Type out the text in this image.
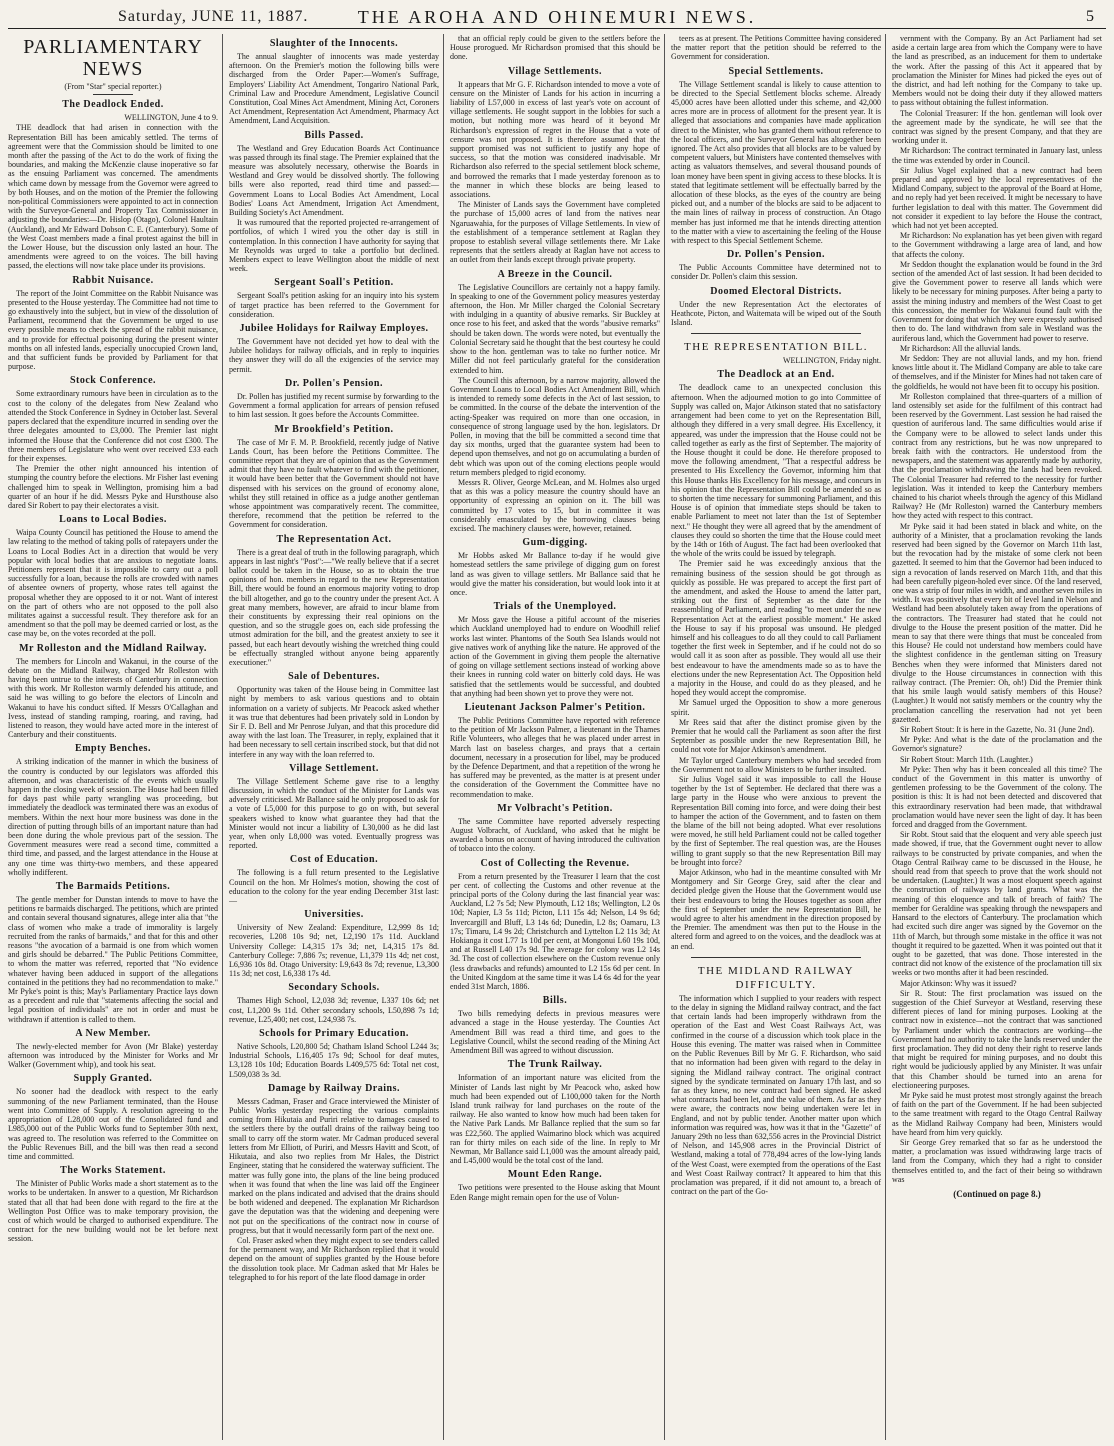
Saturday, JUNE 11, 1887.	THE AROHA AND OHINEMURI NEWS.	5
PARLIAMENTARY NEWS

(From "Star" special reporter.)

The Deadlock Ended.

WELLINGTON, June 4 to 9.

THE deadlock that had arisen in connection with the Representation Bill has been amicably settled. The terms of agreement were that the Commission should be limited to one month after the passing of the Act to do the work of fixing the boundaries, and making the McKenzie clause inoperative so far as the ensuing Parliament was concerned. The amendments which came down by message from the Governor were agreed to by both Houses, and on the motion of the Premier the following non-political Commissioners were appointed to act in connection with the Surveyor-General and Property Tax Commissioner in adjusting the boundaries:—Dr. Hislop (Otago), Colonel Haultain (Auckland), and Mr Edward Dobson C. E. (Canterbury). Some of the West Coast members made a final protest against the bill in the Lower House, but the discussion only lasted an hour. The amendments were agreed to on the voices. The bill having passed, the elections will now take place under its provisions.

Rabbit Nuisance.

The report of the Joint Committee on the Rabbit Nuisance was presented to the House yesterday. The Committee had not time to go exhaustively into the subject, but in view of the dissolution of Parliament, recommend that the Government be urged to use every possible means to check the spread of the rabbit nuisance, and to provide for effectual poisoning during the present winter months on all infested lands, especially unoccupied Crown land, and that sufficient funds be provided by Parliament for that purpose.

Stock Conference.

Some extraordinary rumours have been in circulation as to the cost to the colony of the delegates from New Zealand who attended the Stock Conference in Sydney in October last. Several papers declared that the expenditure incurred in sending over the three delegates amounted to £3,000. The Premier last night informed the House that the Conference did not cost £300. The three members of Legislature who went over received £33 each for their expenses.

The Premier the other night announced his intention of stumping the country before the elections. Mr Fisher last evening challenged him to speak in Wellington, promising him a bad quarter of an hour if he did. Messrs Pyke and Hursthouse also dared Sir Robert to pay their electorates a visit.

Loans to Local Bodies.

Waipa County Council has petitioned the House to amend the law relating to the method of taking polls of ratepayers under the Loans to Local Bodies Act in a direction that would be very popular with local bodies that are anxious to negotiate loans. Petitioners represent that it is impossible to carry out a poll successfully for a loan, because the rolls are crowded with names of absentee owners of property, whose rates tell against the proposal whether they are opposed to it or not. Want of interest on the part of others who are not opposed to the poll also militates against a successful result. They therefore ask for an amendment so that the poll may be deemed carried or lost, as the case may be, on the votes recorded at the poll.

Mr Rolleston and the Midland Railway.

The members for Lincoln and Wakanui, in the course of the debate on the Midland Railway, charged Mr Rolleston with having been untrue to the interests of Canterbury in connection with this work. Mr Rolleston warmly defended his attitude, and said he was willing to go before the electors of Lincoln and Wakanui to have his conduct sifted. If Messrs O'Callaghan and Ivess, instead of standing ramping, roaring, and raving, had listened to reason, they would have acted more in the interest of Canterbury and their constituents.

Empty Benches.

A striking indication of the manner in which the business of the country is conducted by our legislators was afforded this afternoon, and was characteristic of the events which usually happen in the closing week of session. The House had been filled for days past while party wrangling was proceeding, but immediately the deadlock was terminated there was an exodus of members. Within the next hour more business was done in the direction of putting through bills of an important nature than had been done during the whole previous part of the session. The Government measures were read a second time, committed a third time, and passed, and the largest attendance in the House at any one time was thirty-two members, and these appeared wholly indifferent.

The Barmaids Petitions.

The gentle member for Dunstan intends to move to have the petitions re barmaids discharged. The petitions, which are printed and contain several thousand signatures, allege inter alia that "the class of women who make a trade of immorality is largely recruited from the ranks of barmaids," and that for this and other reasons "the avocation of a barmaid is one from which women and girls should be debarred." The Public Petitions Committee, to whom the matter was referred, reported that "No evidence whatever having been adduced in support of the allegations contained in the petitions they had no recommendation to make." Mr Pyke's point is this; May's Parliamentary Practice lays down as a precedent and rule that "statements affecting the social and legal position of individuals" are not in order and must be withdrawn if attention is called to them.

A New Member.

The newly-elected member for Avon (Mr Blake) yesterday afternoon was introduced by the Minister for Works and Mr Walker (Government whip), and took his seat.

Supply Granted.

No sooner had the deadlock with respect to the early summoning of the new Parliament terminated, than the House went into Committee of Supply. A resolution agreeing to the appropriation of L28,000 out of the Consolidated fund and L985,000 out of the Public Works fund to September 30th next, was agreed to. The resolution was referred to the Committee on the Public Revenues Bill, and the bill was then read a second time and committed.

The Works Statement.

The Minister of Public Works made a short statement as to the works to be undertaken. In answer to a question, Mr Richardson stated that all that had been done with regard to the fire at the Wellington Post Office was to make temporary provision, the cost of which would be charged to authorised expenditure. The contract for the new building would not be let before next session.

Slaughter of the Innocents.

The annual slaughter of innocents was made yesterday afternoon. On the Premier's motion the following bills were discharged from the Order Paper:—Women's Suffrage, Employers' Liability Act Amendment, Tongariro National Park, Criminal Law and Procedure Amendment, Legislative Council Constitution, Coal Mines Act Amendment, Mining Act, Coroners Act Amendment, Representation Act Amendment, Pharmacy Act Amendment, Land Acquisition.

Bills Passed.

The Westland and Grey Education Boards Act Continuance was passed through its final stage. The Premier explained that the measure was absolutely necessary, otherwise the Boards in Westland and Grey would be dissolved shortly. The following bills were also reported, read third time and passed:—Government Loans to Local Bodies Act Amendment, Local Bodies' Loans Act Amendment, Irrigation Act Amendment, Building Society's Act Amendment.

It was rumoured that the reported projected re-arrangement of portfolios, of which I wired you the other day is still in contemplation. In this connection I have authority for saying that Mr Reynolds was urged to take a portfolio but declined. Members expect to leave Wellington about the middle of next week.

Sergeant Soall's Petition.

Sergeant Soall's petition asking for an inquiry into his system of target practice has been referred to the Government for consideration.

Jubilee Holidays for Railway Employes.

The Government have not decided yet how to deal with the Jubilee holidays for railway officials, and in reply to inquiries they answer they will do all the exigencies of the service may permit.

Dr. Pollen's Pension.

Dr. Pollen has justified my recent surmise by forwarding to the Government a formal application for arrears of pension refused to him last session. It goes before the Accounts Committee.

Mr Brookfield's Petition.

The case of Mr F. M. P. Brookfield, recently judge of Native Lands Court, has been before the Petitions Committee. The committee report that they are of opinion that as the Government admit that they have no fault whatever to find with the petitioner, it would have been better that the Government should not have dispensed with his services on the ground of economy alone, whilst they still retained in office as a judge another gentleman whose appointment was comparatively recent. The committee, therefore, recommend that the petition be referred to the Government for consideration.

The Representation Act.

There is a great deal of truth in the following paragraph, which appears in last night's "Post":—"We really believe that if a secret ballot could be taken in the House, so as to obtain the true opinions of hon. members in regard to the new Representation Bill, there would be found an enormous majority voting to drop the bill altogether, and go to the country under the present Act. A great many members, however, are afraid to incur blame from their constituents by expressing their real opinions on the question, and so the struggle goes on, each side professing the utmost admiration for the bill, and the greatest anxiety to see it passed, but each heart devoutly wishing the wretched thing could be effectually strangled without anyone being apparently executioner."

Sale of Debentures.

Opportunity was taken of the House being in Committee last night by members to ask various questions and to obtain information on a variety of subjects. Mr Peacock asked whether it was true that debentures had been privately sold in London by Sir F. D. Bell and Mr Penrose Julyan, and that this procedure did away with the last loan. The Treasurer, in reply, explained that it had been necessary to sell certain inscribed stock, but that did not interfere in any way with the loan referred to.

Village Settlement.

The Village Settlement Scheme gave rise to a lengthy discussion, in which the conduct of the Minister for Lands was adversely criticised. Mr Ballance said he only proposed to ask for a vote of L5,000 for this purpose to go on with, but several speakers wished to know what guarantee they had that the Minister would not incur a liability of L30,000 as he did last year, when only L8,000 was voted. Eventually progress was reported.

Cost of Education.

The following is a full return presented to the Legislative Council on the hon. Mr Holmes's motion, showing the cost of education to the colony for the year ending December 31st last:—

Universities.

University of New Zealand: Expenditure, L2,999 8s 1d; recoveries, L208 10s 9d; net, L2,190 17s 11d. Auckland University College: L4,315 17s 3d; net, L4,315 17s 8d. Canterbury College: 7,886 7s; revenue, L1,379 11s 4d; net cost, L6,936 10s 8d. Otago University: L9,643 8s 7d; revenue, L3,300 11s 3d; net cost, L6,338 17s 4d.

Secondary Schools.

Thames High School, L2,038 3d; revenue, L337 10s 6d; net cost, L1,200 9s 11d. Other secondary schools, L50,898 7s 1d; revenue, L25,400; net cost, L24,938 7s.

Schools for Primary Education.

Native Schools, L20,800 5d; Chatham Island School L244 3s; Industrial Schools, L16,405 17s 9d; School for deaf mutes, L3,128 10s 10d; Education Boards L409,575 6d: Total net cost, L509,038 3s 3d.

Damage by Railway Drains.

Messrs Cadman, Fraser and Grace interviewed the Minister of Public Works yesterday respecting the various complaints coming from Hikutaia and Puriri relative to damages caused to the settlers there by the outfall drains of the railway being too small to carry off the storm water. Mr Cadman produced several letters from Mr Elliott, of Puriri, and Messrs Havitt and Scott, of Hikutaia, and also two replies from Mr Hales, the District Engineer, stating that he considered the waterway sufficient. The matter was fully gone into, the plans of the line being produced when it was found that when the line was laid off the Engineer marked on the plans indicated and advised that the drains should be both widened and deepened. The explanation Mr Richardson gave the deputation was that the widening and deepening were not put on the specifications of the contract now in course of progress, but that it would necessarily form part of the next one.

Col. Fraser asked when they might expect to see tenders called for the permanent way, and Mr Richardson replied that it would depend on the amount of supplies granted by the House before the dissolution took place. Mr Cadman asked that Mr Hales be telegraphed to for his report of the late flood damage in order

that an official reply could be given to the settlers before the House prorogued. Mr Richardson promised that this should be done.

Village Settlements.

It appears that Mr G. F. Richardson intended to move a vote of censure on the Minister of Lands for his action in incurring a liability of L57,000 in excess of last year's vote on account of village settlements. He sought support in the lobbies for such a motion, but nothing more was heard of it beyond Mr Richardson's expression of regret in the House that a vote of censure was not proposed. It is therefore assumed that the support promised was not sufficient to justify any hope of success, so that the motion was considered inadvisable. Mr Richardson also referred to the special settlement block scheme, and borrowed the remarks that I made yesterday forenoon as to the manner in which these blocks are being leased to associations.

The Minister of Lands says the Government have completed the purchase of 15,000 acres of land from the natives near Ngaruawahia, for the purposes of Village Settlements. In view of the establishment of a temperance settlement at Raglan they propose to establish several village settlements there. Mr Lake represents that the settlers already at Raglan have not access to an outlet from their lands except through private property.

A Breeze in the Council.

The Legislative Councillors are certainly not a happy family. In speaking to one of the Government policy measures yesterday afternoon, the Hon. Mr Miller charged the Colonial Secretary with indulging in a quantity of abusive remarks. Sir Buckley at once rose to his feet, and asked that the words "abusive remarks" should be taken down. The words were noted, but eventually the Colonial Secretary said he thought that the best courtesy he could show to the hon. gentleman was to take no further notice. Mr Miller did not feel particularly grateful for the consideration extended to him.

The Council this afternoon, by a narrow majority, allowed the Government Loans to Local Bodies Act Amendment Bill, which is intended to remedy some defects in the Act of last session, to be committed. In the course of the debate the intervention of the acting-Speaker was required on more than one occasion, in consequence of strong language used by the hon. legislators. Dr Pollen, in moving that the bill be committed a second time that day six months, urged that the guarantee system had been to depend upon themselves, and not go on accumulating a burden of debt which was upon out of the coming elections people would return members pledged to rigid economy.

Messrs R. Oliver, George McLean, and M. Holmes also urged that as this was a policy measure the country should have an opportunity of expressing an opinion on it. The bill was committed by 17 votes to 15, but in committee it was considerably emasculated by the borrowing clauses being excised. The machinery clauses were, however, retained.

Gum-digging.

Mr Hobbs asked Mr Ballance to-day if he would give homestead settlers the same privilege of digging gum on forest land as was given to village settlers. Mr Ballance said that he would give the matter his consideration, but would look into it at once.

Trials of the Unemployed.

Mr Moss gave the House a pitiful account of the miseries which Auckland unemployed had to endure on Woodhill relief works last winter. Phantoms of the South Sea Islands would not give natives work of anything like the nature. He approved of the action of the Government in giving them people the alternative of going on village settlement sections instead of working above their knees in running cold water on bitterly cold days. He was satisfied that the settlements would be successful, and doubted that anything had been shown yet to prove they were not.

Lieutenant Jackson Palmer's Petition.

The Public Petitions Committee have reported with reference to the petition of Mr Jackson Palmer, a lieutenant in the Thames Rifle Volunteers, who alleges that he was placed under arrest in March last on baseless charges, and prays that a certain document, necessary in a prosecution for libel, may be produced by the Defence Department, and that a repetition of the wrong he has suffered may be prevented, as the matter is at present under the consideration of the Government the Committee have no recommendation to make.

Mr Volbracht's Petition.

The same Committee have reported adversely respecting August Volbracht, of Auckland, who asked that he might be awarded a bonus on account of having introduced the cultivation of tobacco into the colony.

Cost of Collecting the Revenue.

From a return presented by the Treasurer I learn that the cost per cent. of collecting the Customs and other revenue at the principal ports of the Colony during the last financial year was: Auckland, L2 7s 5d; New Plymouth, L12 18s; Wellington, L2 0s 10d; Napier, L3 5s 11d; Picton, L11 15s 4d; Nelson, L4 9s 6d; Invercargill and Bluff, L3 14s 6d; Dunedin, L2 8s; Oamaru, L3 17s; Timaru, L4 9s 2d; Christchurch and Lyttelton L2 11s 3d; At Hokianga it cost L77 1s 10d per cent, at Mongonui L60 19s 10d, and at Russell L40 17s 9d. The average for colony was L2 14s 3d. The cost of collection elsewhere on the Custom revenue only (less drawbacks and refunds) amounted to L2 15s 6d per cent. In the United Kingdom at the same time it was L4 6s 4d for the year ended 31st March, 1886.

Bills.

Two bills remedying defects in previous measures were advanced a stage in the House yesterday. The Counties Act Amendment Bill was read a third time, and goes to the Legislative Council, whilst the second reading of the Mining Act Amendment Bill was agreed to without discussion.

The Trunk Railway.

Information of an important nature was elicited from the Minister of Lands last night by Mr Peacock who, asked how much had been expended out of L100,000 taken for the North Island trunk railway for land purchases on the route of the railway. He also wanted to know how much had been taken for the Native Park Lands. Mr Ballance replied that the sum so far was £22,560. The applied Waimarino block which was acquired ran for thirty miles on each side of the line. In reply to Mr Newman, Mr Ballance said L1,000 was the amount already paid, and L45,000 would be the total cost of the land.

Mount Eden Range.

Two petitions were presented to the House asking that Mount Eden Range might remain open for the use of Volun-

teers as at present. The Petitions Committee having considered the matter report that the petition should be referred to the Government for consideration.

Special Settlements.

The Village Settlement scandal is likely to cause attention to be directed to the Special Settlement blocks scheme. Already 45,000 acres have been allotted under this scheme, and 42,000 acres more are in process of allotment for the present year. It is alleged that associations and companies have made application direct to the Minister, who has granted them without reference to the local officers, and the Surveyor General has altogether been ignored. The Act also provides that all blocks are to be valued by competent valuers, but Ministers have contented themselves with acting as valuators themselves, and several thousand pounds of loan money have been spent in giving access to these blocks. It is stated that legitimate settlement will be effectually barred by the allocation of these blocks, as the eyes of the country are being picked out, and a number of the blocks are said to be adjacent to the main lines of railway in process of construction. An Otago member has just informed me that he intends directing attention to the matter with a view to ascertaining the feeling of the House with respect to this Special Settlement Scheme.

Dr. Pollen's Pension.

The Public Accounts Committee have determined not to consider Dr. Pollen's claim this session.

Doomed Electoral Districts.

Under the new Representation Act the electorates of Heathcote, Picton, and Waitemata will be wiped out of the South Island.

THE REPRESENTATION BILL.

WELLINGTON, Friday night.

The Deadlock at an End.

The deadlock came to an unexpected conclusion this afternoon. When the adjourned motion to go into Committee of Supply was called on, Major Atkinson stated that no satisfactory arrangement had been come to yet on the Representation Bill, although they differed in a very small degree. His Excellency, it appeared, was under the impression that the House could not be called together as early as the first of September. The majority of the House thought it could be done. He therefore proposed to move the following amendment, "That a respectful address be presented to His Excellency the Governor, informing him that this House thanks His Excellency for his message, and concurs in his opinion that the Representation Bill could be amended so as to shorten the time necessary for summoning Parliament, and this House is of opinion that immediate steps should be taken to enable Parliament to meet not later than the 1st of September next." He thought they were all agreed that by the amendment of clauses they could so shorten the time that the House could meet by the 14th or 16th of August. The fact had been overlooked that the whole of the writs could be issued by telegraph.

The Premier said he was exceedingly anxious that the remaining business of the session should be got through as quickly as possible. He was prepared to accept the first part of the amendment, and asked the House to amend the latter part, striking out the first of September as the date for the reassembling of Parliament, and reading "to meet under the new Representation Act at the earliest possible moment." He asked the House to say if his proposal was unsound. He pledged himself and his colleagues to do all they could to call Parliament together the first week in September, and if he could not do so would call it as soon after as possible. They would all use their best endeavour to have the amendments made so as to have the elections under the new Representation Act. The Opposition held a majority in the House, and could do as they pleased, and he hoped they would accept the compromise.

Mr Samuel urged the Opposition to show a more generous spirit.

Mr Rees said that after the distinct promise given by the Premier that he would call the Parliament as soon after the first September as possible under the new Representation Bill, he could not vote for Major Atkinson's amendment.

Mr Taylor urged Canterbury members who had seceded from the Government not to allow Ministers to be further insulted.

Sir Julius Vogel said it was impossible to call the House together by the 1st of September. He declared that there was a large party in the House who were anxious to prevent the Representation Bill coming into force, and were doing their best to hamper the action of the Government, and to fasten on them the blame of the bill not being adopted. What ever resolutions were moved, he still held Parliament could not be called together by the first of September. The real question was, are the Houses willing to grant supply so that the new Representation Bill may be brought into force?

Major Atkinson, who had in the meantime consulted with Mr Montgomery and Sir George Grey, said after the clear and decided pledge given the House that the Government would use their best endeavours to bring the Houses together as soon after the first of September under the new Representation Bill, he would agree to alter his amendment in the direction proposed by the Premier. The amendment was then put to the House in the altered form and agreed to on the voices, and the deadlock was at an end.

THE MIDLAND RAILWAY DIFFICULTY.

The information which I supplied to your readers with respect to the delay in signing the Midland railway contract, and the fact that certain lands had been improperly withdrawn from the operation of the East and West Coast Railways Act, was confirmed in the course of a discussion which took place in the House this evening. The matter was raised when in Committee on the Public Revenues Bill by Mr G. F. Richardson, who said that no information had been given with regard to the delay in signing the Midland railway contract. The original contract signed by the syndicate terminated on January 17th last, and so far as they knew, no new contract had been signed. He asked what contracts had been let, and the value of them. As far as they were aware, the contracts now being undertaken were let in England, and not by public tender. Another matter upon which information was required was, how was it that in the "Gazette" of January 29th no less than 632,556 acres in the Provincial District of Nelson, and 145,908 acres in the Provincial District of Westland, making a total of 778,494 acres of the low-lying lands of the West Coast, were exempted from the operations of the East and West Coast Railway contract? It appeared to him that this proclamation was prepared, if it did not amount to, a breach of contract on the part of the Go-

vernment with the Company. By an Act Parliament had set aside a certain large area from which the Company were to have the land as prescribed, as an inducement for them to undertake the work. After the passing of this Act it appeared that by proclamation the Minister for Mines had picked the eyes out of the district, and had left nothing for the Company to take up. Members would not be doing their duty if they allowed matters to pass without obtaining the fullest information.

The Colonial Treasurer: If the hon. gentleman will look over the agreement made by the syndicate, he will see that the contract was signed by the present Company, and that they are working under it.

Mr Richardson: The contract terminated in January last, unless the time was extended by order in Council.

Sir Julius Vogel explained that a new contract had been prepared and approved by the local representatives of the Midland Company, subject to the approval of the Board at Home, and no reply had yet been received. It might be necessary to have further legislation to deal with this matter. The Government did not consider it expedient to lay before the House the contract, which had not yet been accepted.

Mr Richardson: No explanation has yet been given with regard to the Government withdrawing a large area of land, and how that affects the colony.

Mr Seddon thought the explanation would be found in the 3rd section of the amended Act of last session. It had been decided to give the Government power to reserve all lands which were likely to be necessary for mining purposes. After being a party to assist the mining industry and members of the West Coast to get this concession, the member for Wakanui found fault with the Government for doing that which they were expressly authorised then to do. The land withdrawn from sale in Westland was the auriferous land, which the Government had power to reserve.

Mr Richardson: All the alluvial lands.

Mr Seddon: They are not alluvial lands, and my hon. friend knows little about it. The Midland Company are able to take care of themselves, and if the Minister for Mines had not taken care of the goldfields, he would not have been fit to occupy his position.

Mr Rolleston complained that three-quarters of a million of land ostensibly set aside for the fulfilment of this contract had been reserved by the Government. Last session he had raised the question of auriferous land. The same difficulties would arise if the Company were to be allowed to select lands under this contract from any restrictions, but he was now unprepared to break faith with the contractors. He understood from the newspapers, and the statement was apparently made by authority, that the proclamation withdrawing the lands had been revoked. The Colonial Treasurer had referred to the necessity for further legislation. Was it intended to keep the Canterbury members chained to his chariot wheels through the agency of this Midland Railway? He (Mr Rolleston) warned the Canterbury members how they acted with respect to this contract.

Mr Pyke said it had been stated in black and white, on the authority of a Minister, that a proclamation revoking the lands reserved had been signed by the Governor on March 11th last, but the revocation had by the mistake of some clerk not been gazetted. It seemed to him that the Governor had been induced to sign a revocation of lands reserved on March 11th, and that this had been carefully pigeon-holed ever since. Of the land reserved, one was a strip of four miles in width, and another seven miles in width. It was positively that every bit of level land in Nelson and Westland had been absolutely taken away from the operations of the contractors. The Treasurer had stated that he could not divulge to the House the present position of the matter. Did he mean to say that there were things that must be concealed from this House? He could not understand how members could have the slightest confidence in the gentleman sitting on Treasury Benches when they were informed that Ministers dared not divulge to the House circumstances in connection with this railway contract. (The Premier: Oh, oh!) Did the Premier think that his smile laugh would satisfy members of this House? (Laughter.) It would not satisfy members or the country why the proclamation cancelling the reservation had not yet been gazetted.

Sir Robert Stout: It is here in the Gazette, No. 31 (June 2nd).

Mr Pyke: And what is the date of the proclamation and the Governor's signature?

Sir Robert Stout: March 11th. (Laughter.)

Mr Pyke: Then why has it been concealed all this time? The conduct of the Government in this matter is unworthy of gentlemen professing to be the Government of the colony. The position is this: It is had not been detected and discovered that this extraordinary reservation had been made, that withdrawal proclamation would have never seen the light of day. It has been forced and dragged from the Government.

Sir Robt. Stout said that the eloquent and very able speech just made showed, if true, that the Government ought never to allow railways to be constructed by private companies, and when the Otago Central Railway came to be discussed in the House, he should read from that speech to prove that the work should not be undertaken. (Laughter.) It was a most eloquent speech against the construction of railways by land grants. What was the meaning of this eloquence and talk of breach of faith? The member for Geraldine was speaking through the newspapers and Hansard to the electors of Canterbury. The proclamation which had excited such dire anger was signed by the Governor on the 11th of March, but through some mistake in the office it was not thought it required to be gazetted. When it was pointed out that it ought to be gazetted, that was done. Those interested in the contract did not know of the existence of the proclamation till six weeks or two months after it had been rescinded.

Major Atkinson: Why was it issued?

Sir R. Stout: The first proclamation was issued on the suggestion of the Chief Surveyor at Westland, reserving these different pieces of land for mining purposes. Looking at the contract now in existence—not the contract that was sanctioned by Parliament under which the contractors are working—the Government had no authority to take the lands reserved under the first proclamation. They did not deny their right to reserve lands that might be required for mining purposes, and no doubt this right would be judiciously applied by any Minister. It was unfair that this Chamber should be turned into an arena for electioneering purposes.

Mr Pyke said he must protest most strongly against the breach of faith on the part of the Government. If he had been subjected to the same treatment with regard to the Otago Central Railway as the Midland Railway Company had been, Ministers would have heard from him very quickly.

Sir George Grey remarked that so far as he understood the matter, a proclamation was issued withdrawing large tracts of land from the Company, which they had a right to consider themselves entitled to, and the fact of their being so withdrawn was

(Continued on page 8.)
